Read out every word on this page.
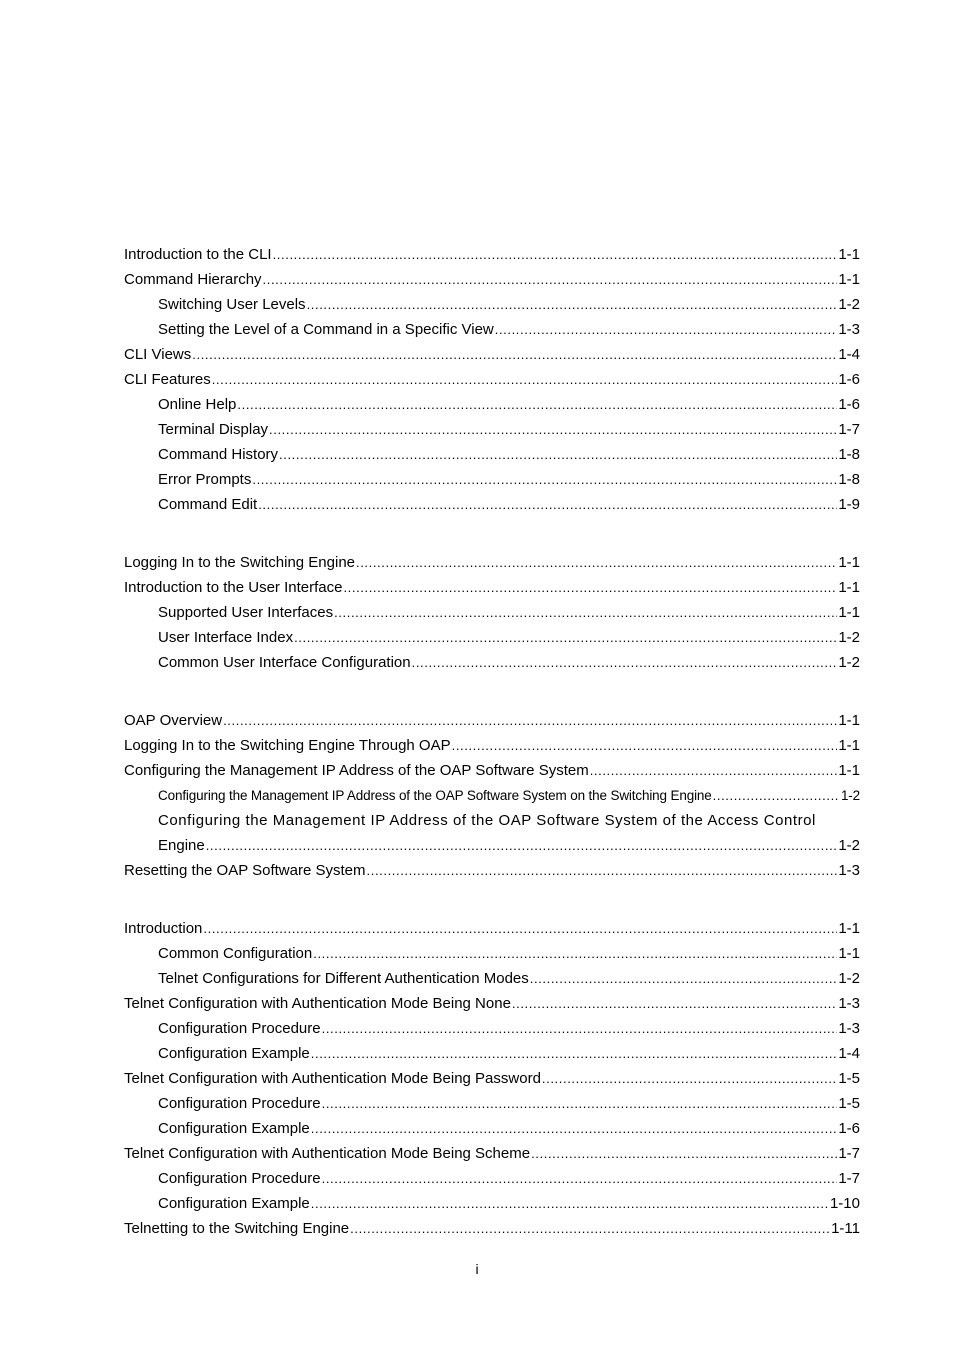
Introduction to the CLI .....	1-1
Command Hierarchy .....	1-1
Switching User Levels .....	1-2
Setting the Level of a Command in a Specific View .....	1-3
CLI Views .....	1-4
CLI Features .....	1-6
Online Help .....	1-6
Terminal Display .....	1-7
Command History .....	1-8
Error Prompts .....	1-8
Command Edit .....	1-9
Logging In to the Switching Engine .....	1-1
Introduction to the User Interface .....	1-1
Supported User Interfaces .....	1-1
User Interface Index .....	1-2
Common User Interface Configuration .....	1-2
OAP Overview .....	1-1
Logging In to the Switching Engine Through OAP .....	1-1
Configuring the Management IP Address of the OAP Software System .....	1-1
Configuring the Management IP Address of the OAP Software System on the Switching Engine .....	1-2
Configuring the Management IP Address of the OAP Software System of the Access Control
Engine .....	1-2
Resetting the OAP Software System .....	1-3
Introduction .....	1-1
Common Configuration .....	1-1
Telnet Configurations for Different Authentication Modes .....	1-2
Telnet Configuration with Authentication Mode Being None .....	1-3
Configuration Procedure .....	1-3
Configuration Example .....	1-4
Telnet Configuration with Authentication Mode Being Password .....	1-5
Configuration Procedure .....	1-5
Configuration Example .....	1-6
Telnet Configuration with Authentication Mode Being Scheme .....	1-7
Configuration Procedure .....	1-7
Configuration Example .....	1-10
Telnetting to the Switching Engine .....	1-11
i
